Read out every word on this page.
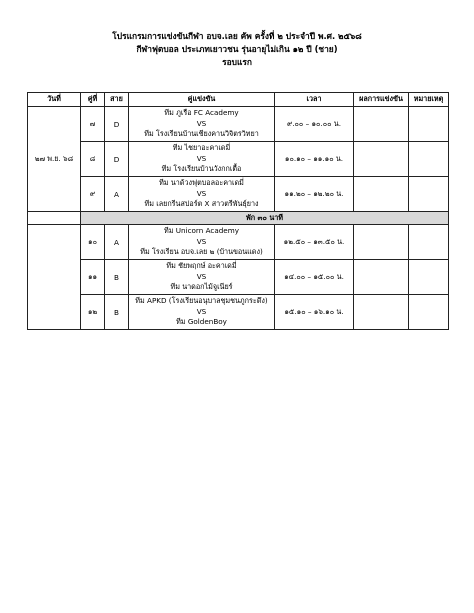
โปรแกรมการแข่งขันกีฬา อบจ.เลย คัพ ครั้งที่ ๒ ประจำปี พ.ศ. ๒๕๖๘
กีฬาฟุตบอล ประเภทเยาวชน รุ่นอายุไม่เกิน ๑๒ ปี (ชาย)
รอบแรก
วันที่	คู่ที่	สาย	คู่แข่งขัน	เวลา	ผลการแข่งขัน	หมายเหตุ
๒๗ พ.ย. ๖๘	๗	D	ทีม ภูเรือ FC Academy
VS
ทีม โรงเรียนบ้านเชียงคานวิจิตรวิทยา	๙.๐๐ – ๑๐.๐๐ น.		
	๘	D	ทีม ไชยาอะคาเดมี่
VS
ทีม โรงเรียนบ้านวังกกเตื้อ	๑๐.๑๐ – ๑๑.๑๐ น.		
	๙	A	ทีม นาด้วงฟุตบอลอะคาเดมี่
VS
ทีม เลยกรีนสปอร์ต X สาวตรีพันธุ์ยาง	๑๑.๒๐ – ๑๒.๒๐ น.		
	พัก ๓๐ นาที					
	๑๐	A	ทีม Unicorn Academy
VS
ทีม โรงเรียน อบจ.เลย ๒ (บ้านขอนแดง)	๑๒.๕๐ – ๑๓.๕๐ น.		
	๑๑	B	ทีม ชัยพฤกษ์ อะคาเดมี่
VS
ทีม นาดอกไม้จูเนียร์	๑๔.๐๐ – ๑๕.๐๐ น.		
	๑๒	B	ทีม APKD (โรงเรียนอนุบาลชุมชนภูกระดึง)
VS
ทีม GoldenBoy	๑๕.๑๐ – ๑๖.๑๐ น.		
